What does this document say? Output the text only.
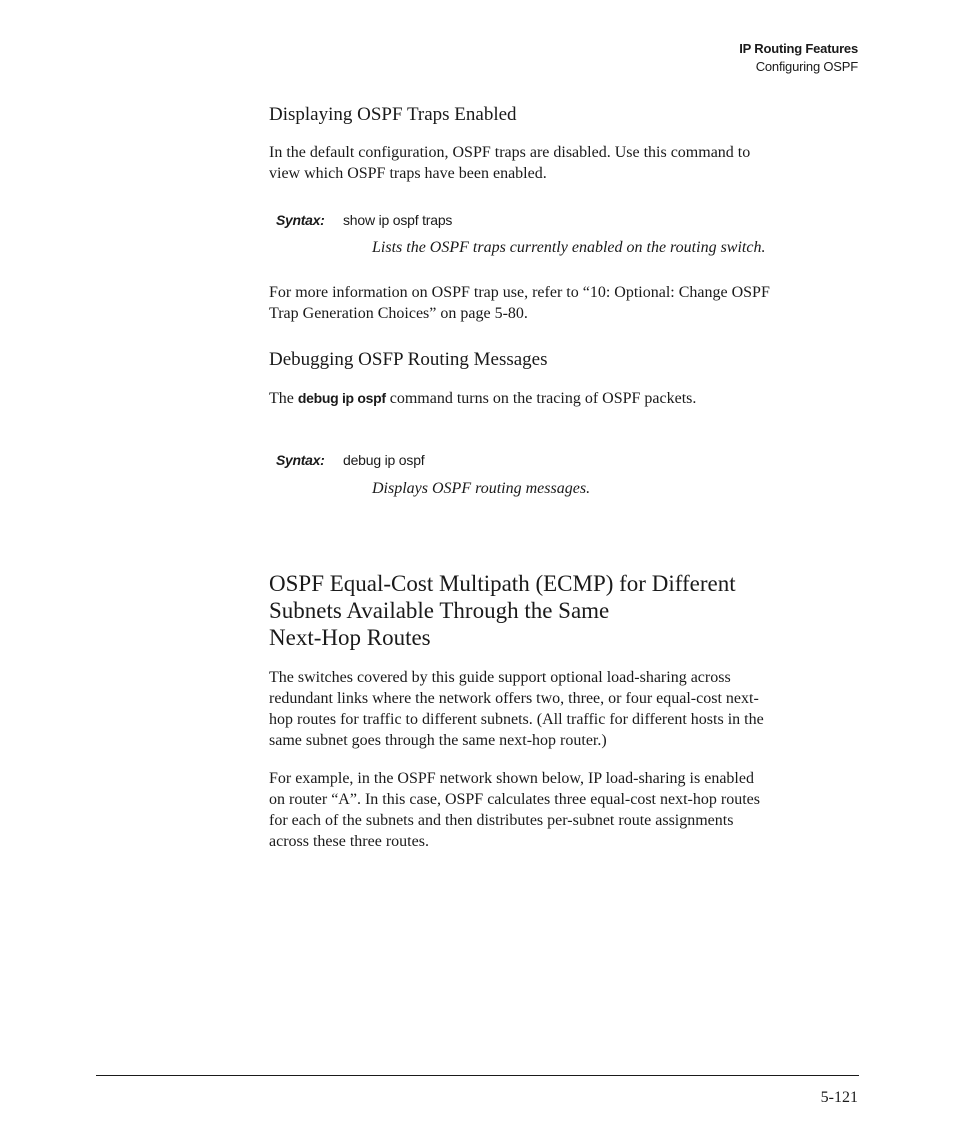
IP Routing Features
Configuring OSPF
Displaying OSPF Traps Enabled
In the default configuration, OSPF traps are disabled. Use this command to
view which OSPF traps have been enabled.
Syntax: show ip ospf traps
Lists the OSPF traps currently enabled on the routing switch.
For more information on OSPF trap use, refer to “10: Optional: Change OSPF
Trap Generation Choices” on page 5-80.
Debugging OSFP Routing Messages
The debug ip ospf command turns on the tracing of OSPF packets.
Syntax: debug ip ospf
Displays OSPF routing messages.
OSPF Equal-Cost Multipath (ECMP) for Different
Subnets Available Through the Same
Next-Hop Routes
The switches covered by this guide support optional load-sharing across
redundant links where the network offers two, three, or four equal-cost next-
hop routes for traffic to different subnets. (All traffic for different hosts in the
same subnet goes through the same next-hop router.)
For example, in the OSPF network shown below, IP load-sharing is enabled
on router “A”. In this case, OSPF calculates three equal-cost next-hop routes
for each of the subnets and then distributes per-subnet route assignments
across these three routes.
5-121
